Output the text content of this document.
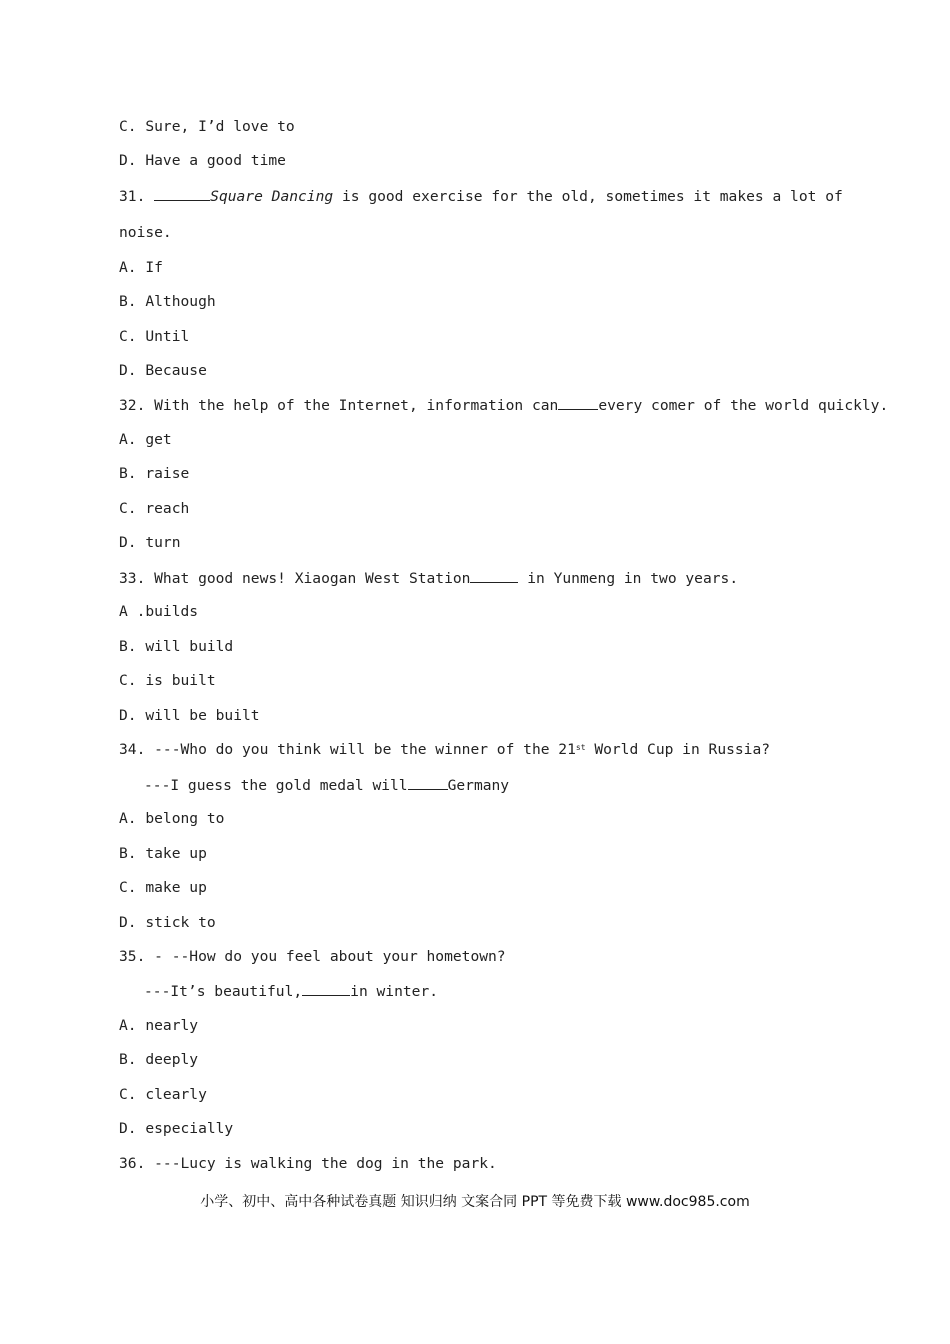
C. Sure, I’d love to
D. Have a good time
31.	Square Dancing is good exercise for the old, sometimes it makes a lot of
noise.
A. If
B. Although
C. Until
D. Because
32. With the help of the Internet, information can	every comer of the world quickly.
A. get
B. raise
C. reach
D. turn
33. What good news! Xiaogan West Station	in Yunmeng in two years.
A .builds
B. will build
C. is built
D. will be built
34. ---Who do you think will be the winner of the 21st World Cup in Russia?
---I guess the gold medal will	Germany
A. belong to
B. take up
C. make up
D. stick to
35. - --How do you feel about your hometown?
---It’s beautiful,	in winter.
A. nearly
B. deeply
C. clearly
D. especially
36. ---Lucy is walking the dog in the park.
小学、初中、高中各种试卷真题 知识归纳 文案合同 PPT 等免费下载 www.doc985.com
